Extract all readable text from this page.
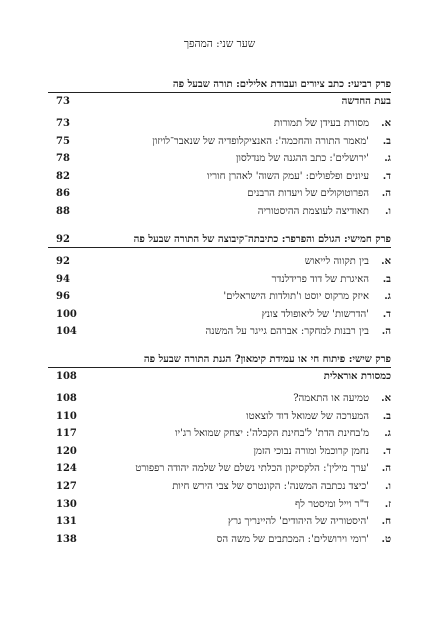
שער שני: המהפך
פרק רביעי: כתב ציורים ועבודת אלילים: תורה שבעל פה
בעת החדשה
73
א.
מסורת בעידן של תמורות
73
ב.
'מאמר התורה והחכמה': האנציקלופדיה של שנאבר־לויזון
75
ג.
'ירושלים': כתב ההגנה של מנדלסון
78
ד.
עיונים ופלפולים: 'עמק השוה' לאהרן חוריו
82
ה.
הפרוטוקולים של ויעדות הרבנים
86
ו.
תאודיצה לעוצמת ההיסטוריה
88
פרק חמישי: הגולם והפרפר: כתיבתה־קיבוצה של התורה שבעל פה
92
א.
בין תקווה לייאוש
92
ב.
האיגרת של דוד פרידלנדר
94
ג.
איזק מרקוס יוסט ו'תולדות הישראלים'
96
ד.
'הדרשות' של ליאופולד צונץ
100
ה.
בין רבנות למחקר: אברהם גייגר על המשנה
104
פרק שישי: פיתוח חי או עמידת קימאון? הגנת התורה שבעל פה
כמסורת אוראלית
108
א.
טמיעה או התאמה?
108
ב.
המערכה של שמואל דוד לוצאטו
110
ג.
מ'בחינת הדת' ל'בחינת הקבלה': יצחק שמואל רג'יו
117
ד.
נחמן קרוכמל ומורה נבוכי הזמן
120
ה.
'ערך מילין': הלקסיקון הכלתי נשלם של שלמה יהודה רפפורט
124
ו.
'כיצד נכתבה המשנה': הקונטרס של צבי הירש חיות
127
ז.
ד"ר וייל ומיסטר לף
130
ח.
'היסטוריה של היהודים' להיינריך גרץ
131
ט.
'רומי וירושלים': המכתבים של משה הס
138
